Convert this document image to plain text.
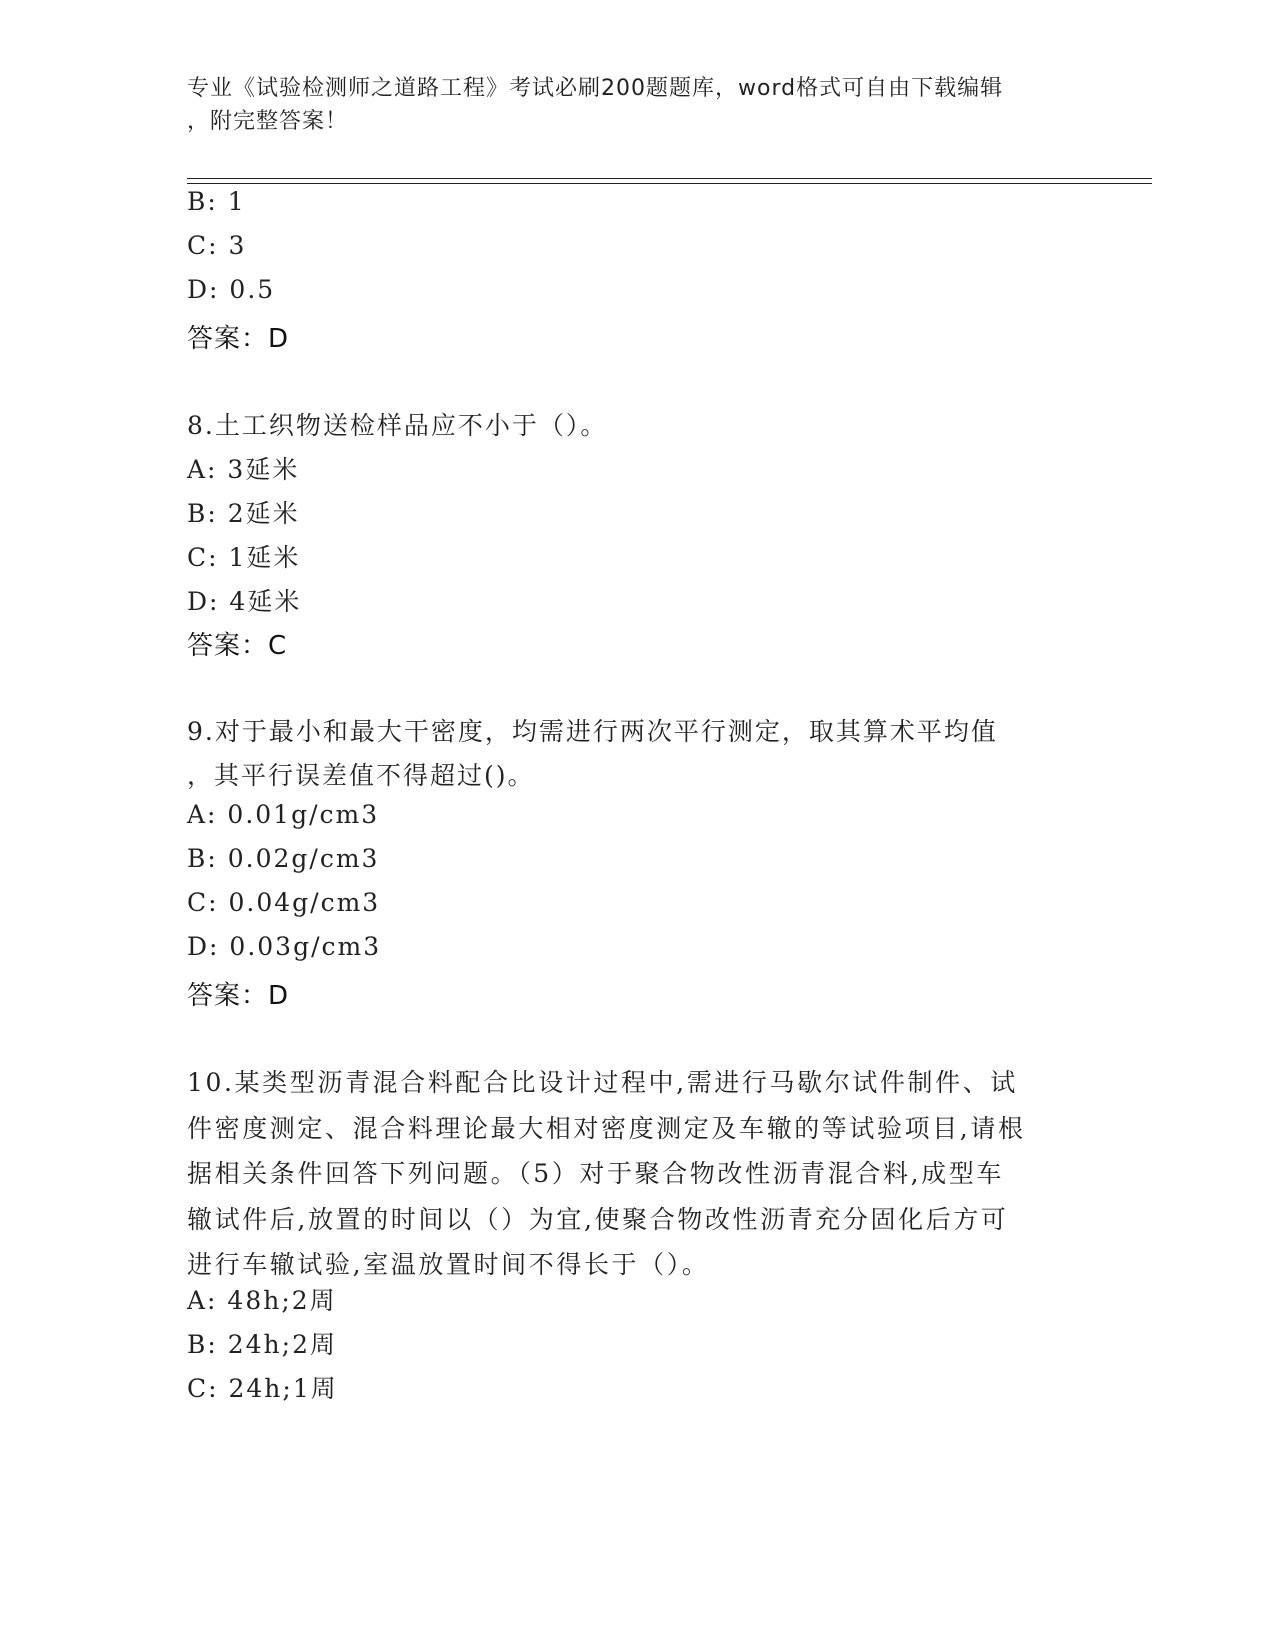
专业《试验检测师之道路工程》考试必刷200题题库，word格式可自由下载编辑
，附完整答案！
B: 1
C: 3
D: 0.5
答案：D
8.土工织物送检样品应不小于（）。
A: 3延米
B: 2延米
C: 1延米
D: 4延米
答案：C
9.对于最小和最大干密度，均需进行两次平行测定，取其算术平均值
，其平行误差值不得超过()。
A: 0.01g/cm3
B: 0.02g/cm3
C: 0.04g/cm3
D: 0.03g/cm3
答案：D
10.某类型沥青混合料配合比设计过程中,需进行马歇尔试件制件、试
件密度测定、混合料理论最大相对密度测定及车辙的等试验项目,请根
据相关条件回答下列问题。（5）对于聚合物改性沥青混合料,成型车
辙试件后,放置的时间以（）为宜,使聚合物改性沥青充分固化后方可
进行车辙试验,室温放置时间不得长于（）。
A: 48h;2周
B: 24h;2周
C: 24h;1周
